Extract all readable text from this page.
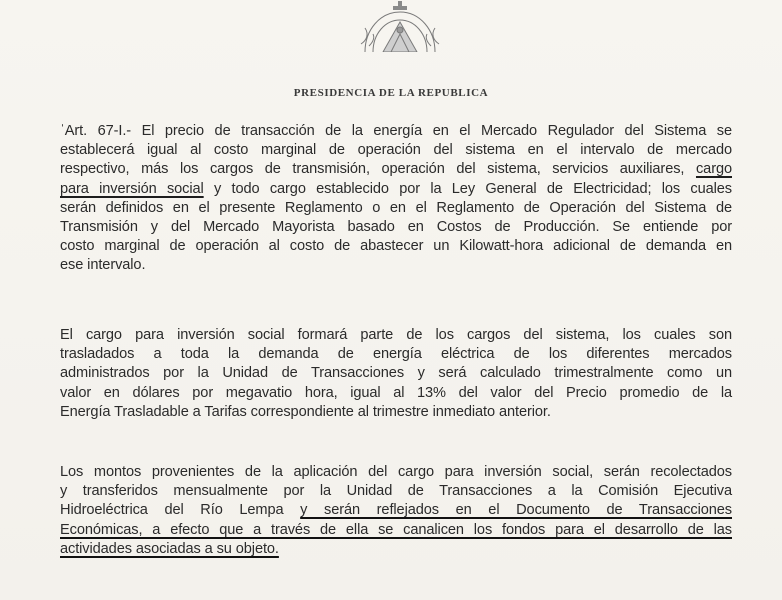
PRESIDENCIA DE LA REPUBLICA
ˈArt. 67-I.- El precio de transacción de la energía en el Mercado Regulador del Sistema se
establecerá igual al costo marginal de operación del sistema en el intervalo de mercado
respectivo, más los cargos de transmisión, operación del sistema, servicios auxiliares, cargo
para inversión social y todo cargo establecido por la Ley General de Electricidad; los cuales
serán definidos en el presente Reglamento o en el Reglamento de Operación del Sistema de
Transmisión y del Mercado Mayorista basado en Costos de Producción. Se entiende por
costo marginal de operación al costo de abastecer un Kilowatt-hora adicional de demanda en
ese intervalo.
El cargo para inversión social formará parte de los cargos del sistema, los cuales son
trasladados a toda la demanda de energía eléctrica de los diferentes mercados
administrados por la Unidad de Transacciones y será calculado trimestralmente como un
valor en dólares por megavatio hora, igual al 13% del valor del Precio promedio de la
Energía Trasladable a Tarifas correspondiente al trimestre inmediato anterior.
Los montos provenientes de la aplicación del cargo para inversión social, serán recolectados
y transferidos mensualmente por la Unidad de Transacciones a la Comisión Ejecutiva
Hidroeléctrica del Río Lempa y serán reflejados en el Documento de Transacciones
Económicas, a efecto que a través de ella se canalicen los fondos para el desarrollo de las
actividades asociadas a su objeto.
